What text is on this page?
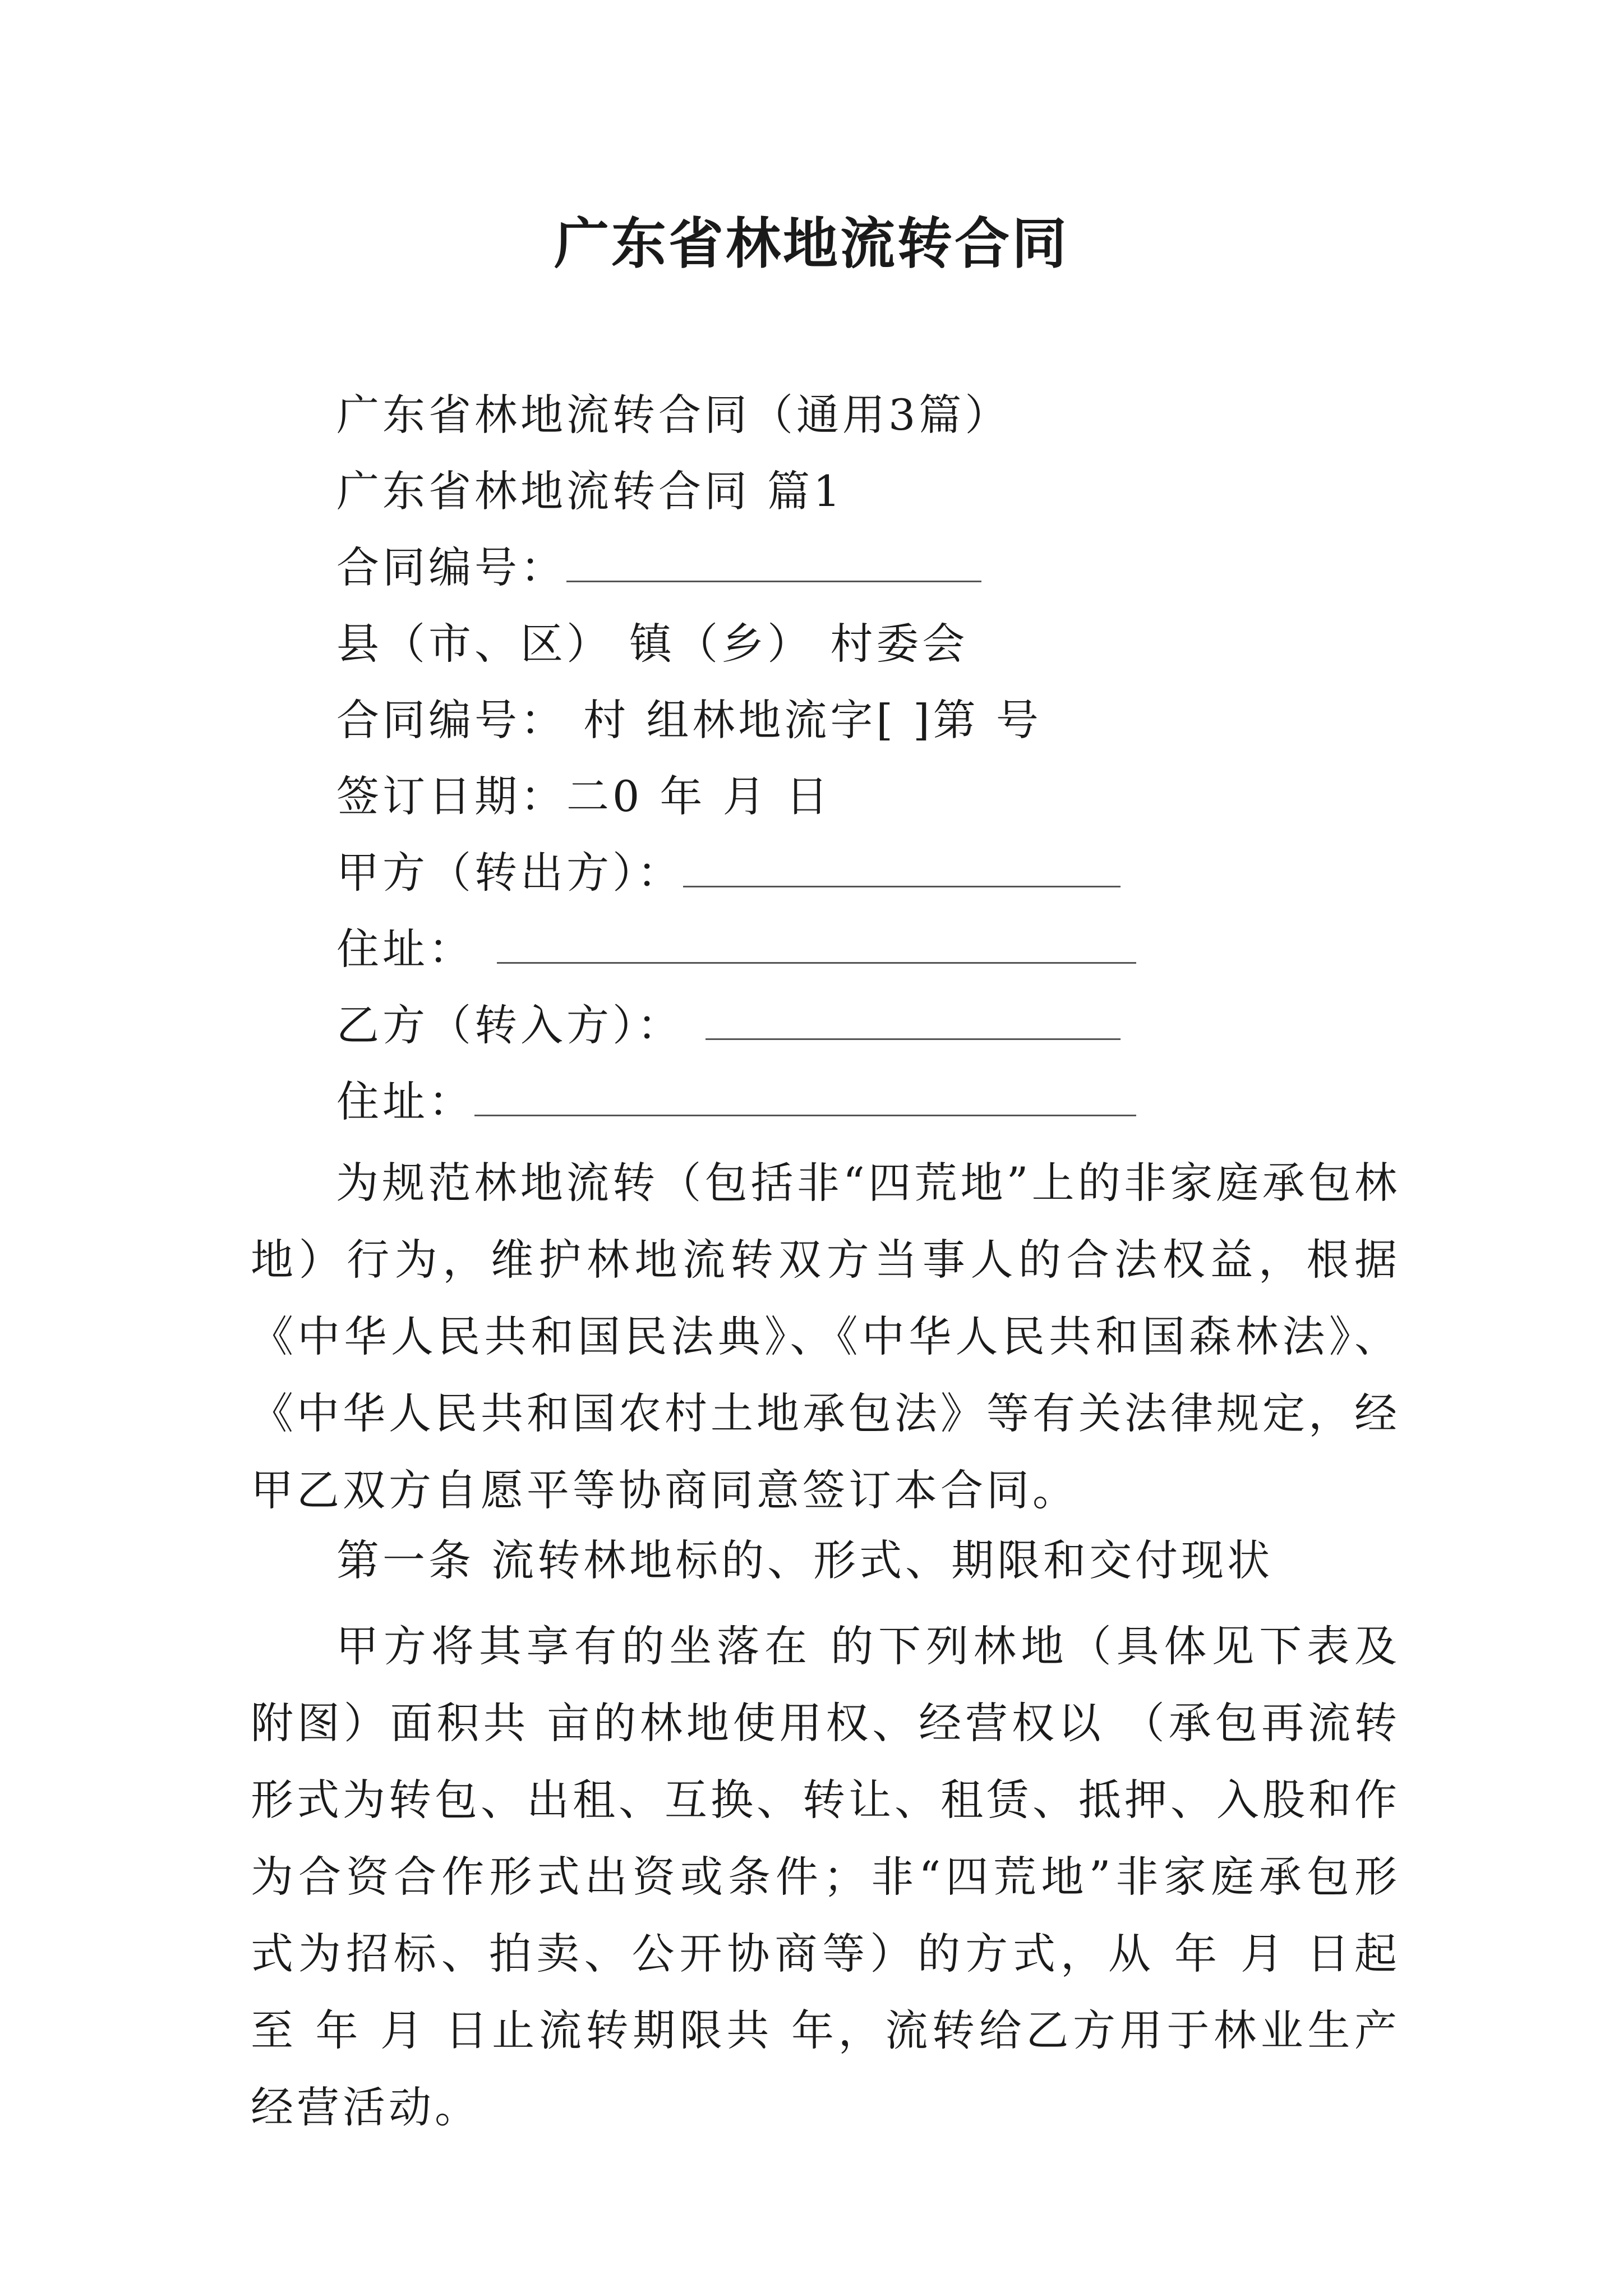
广东省林地流转合同
广东省林地流转合同（通用3篇）
广东省林地流转合同 篇1
合同编号：
县（市、区） 镇（乡） 村委会
合同编号： 村 组林地流字[ ]第 号
签订日期：二0 年 月 日
甲方（转出方）：
住址：
乙方（转入方）：
住址：
为规范林地流转（包括非“四荒地”上的非家庭承包林地）行为，维护林地流转双方当事人的合法权益，根据《中华人民共和国民法典》、《中华人民共和国森林法》、《中华人民共和国农村土地承包法》等有关法律规定，经甲乙双方自愿平等协商同意签订本合同。
第一条 流转林地标的、形式、期限和交付现状
甲方将其享有的坐落在 的下列林地（具体见下表及附图）面积共 亩的林地使用权、经营权以 （承包再流转形式为转包、出租、互换、转让、租赁、抵押、入股和作为合资合作形式出资或条件；非“四荒地”非家庭承包形式为招标、拍卖、公开协商等）的方式，从 年 月 日起至 年 月 日止流转期限共 年，流转给乙方用于林业生产经营活动。
